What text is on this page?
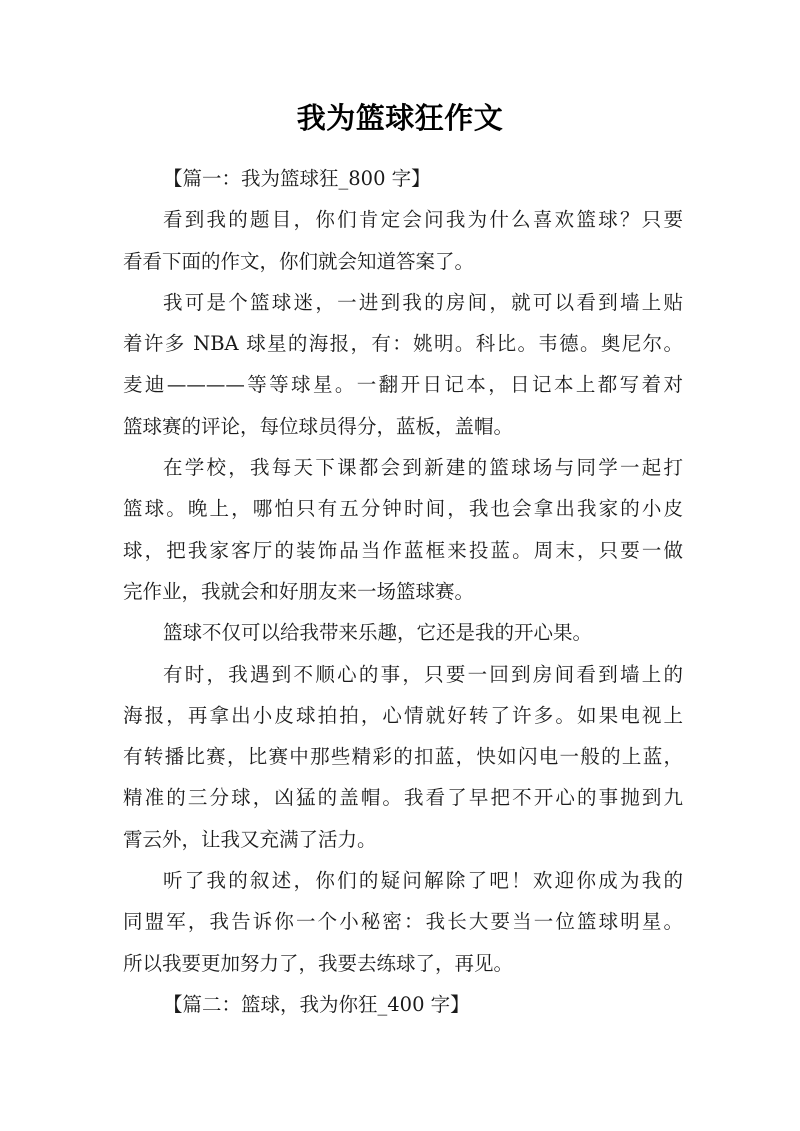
我为篮球狂作文
【篇一：我为篮球狂_800 字】
看到我的题目，你们肯定会问我为什么喜欢篮球？只要
看看下面的作文，你们就会知道答案了。
我可是个篮球迷，一进到我的房间，就可以看到墙上贴
着许多 NBA 球星的海报，有：姚明。科比。韦德。奥尼尔。
麦迪————等等球星。一翻开日记本，日记本上都写着对
篮球赛的评论，每位球员得分，蓝板，盖帽。
在学校，我每天下课都会到新建的篮球场与同学一起打
篮球。晚上，哪怕只有五分钟时间，我也会拿出我家的小皮
球，把我家客厅的装饰品当作蓝框来投蓝。周末，只要一做
完作业，我就会和好朋友来一场篮球赛。
篮球不仅可以给我带来乐趣，它还是我的开心果。
有时，我遇到不顺心的事，只要一回到房间看到墙上的
海报，再拿出小皮球拍拍，心情就好转了许多。如果电视上
有转播比赛，比赛中那些精彩的扣蓝，快如闪电一般的上蓝，
精准的三分球，凶猛的盖帽。我看了早把不开心的事抛到九
霄云外，让我又充满了活力。
听了我的叙述，你们的疑问解除了吧！欢迎你成为我的
同盟军，我告诉你一个小秘密：我长大要当一位篮球明星。
所以我要更加努力了，我要去练球了，再见。
【篇二：篮球，我为你狂_400 字】
